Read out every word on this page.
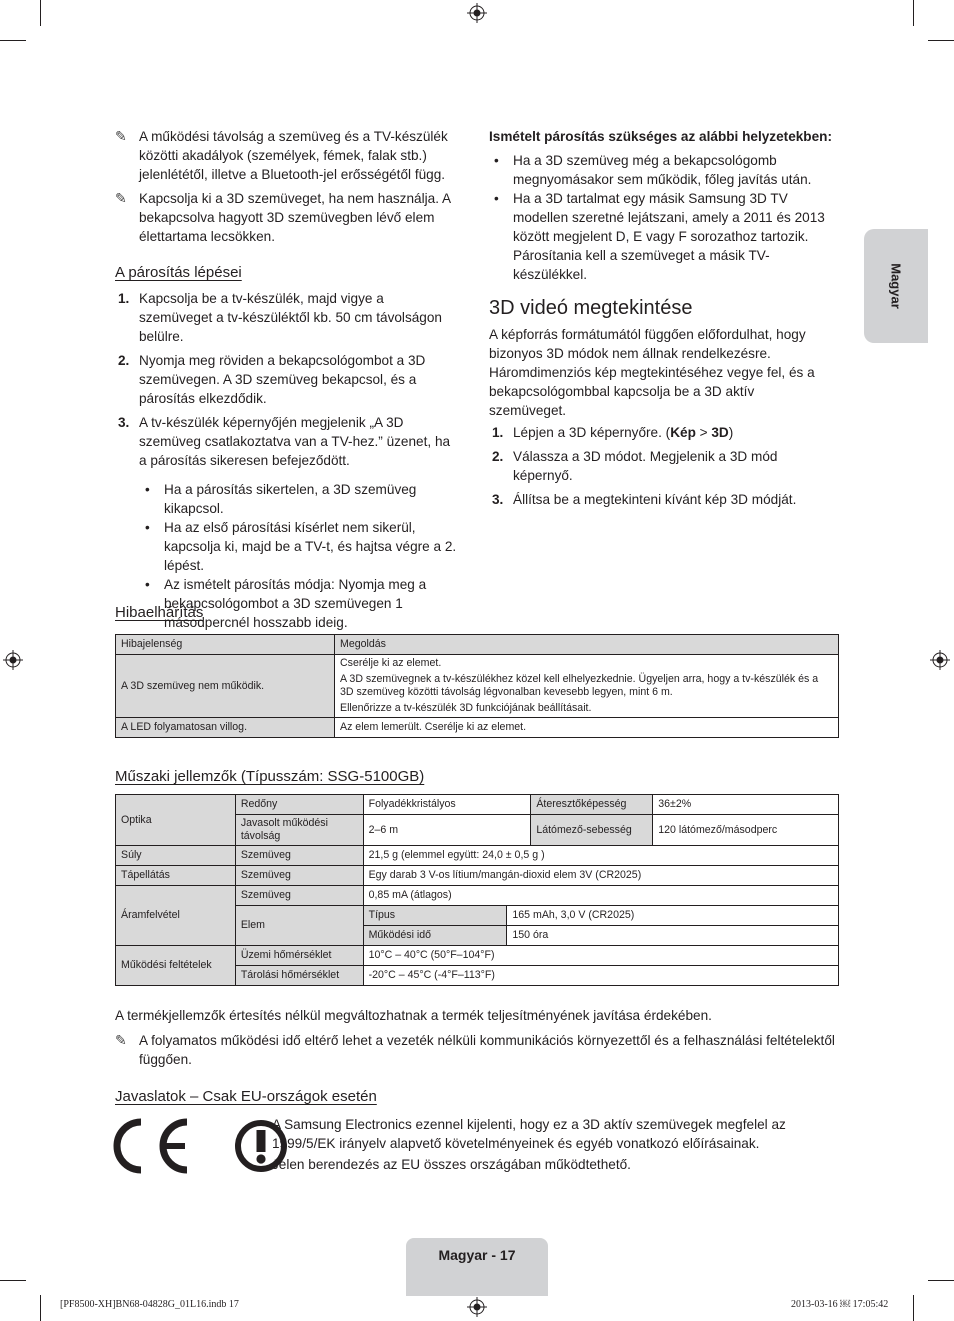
Magyar
✎ A működési távolság a szemüveg és a TV-készülék közötti akadályok (személyek, fémek, falak stb.) jelenlététől, illetve a Bluetooth-jel erősségétől függ.
✎ Kapcsolja ki a 3D szemüveget, ha nem használja. A bekapcsolva hagyott 3D szemüvegben lévő elem élettartama lecsökken.
A párosítás lépései
1. Kapcsolja be a tv-készülék, majd vigye a szemüveget a tv-készüléktől kb. 50 cm távolságon belülre.
2. Nyomja meg röviden a bekapcsológombot a 3D szemüvegen. A 3D szemüveg bekapcsol, és a párosítás elkezdődik.
3. A tv-készülék képernyőjén megjelenik „A 3D szemüveg csatlakoztatva van a TV-hez.” üzenet, ha a párosítás sikeresen befejeződött.
• Ha a párosítás sikertelen, a 3D szemüveg kikapcsol.
• Ha az első párosítási kísérlet nem sikerül, kapcsolja ki, majd be a TV-t, és hajtsa végre a 2. lépést.
• Az ismételt párosítás módja: Nyomja meg a bekapcsológombot a 3D szemüvegen 1 másodpercnél hosszabb ideig.
Ismételt párosítás szükséges az alábbi helyzetekben:
• Ha a 3D szemüveg még a bekapcsológomb megnyomásakor sem működik, főleg javítás után.
• Ha a 3D tartalmat egy másik Samsung 3D TV modellen szeretné lejátszani, amely a 2011 és 2013 között megjelent D, E vagy F sorozathoz tartozik. Párosítania kell a szemüveget a másik TV-készülékkel.
3D videó megtekintése
A képforrás formátumától függően előfordulhat, hogy bizonyos 3D módok nem állnak rendelkezésre.
Háromdimenziós kép megtekintéséhez vegye fel, és a bekapcsológombbal kapcsolja be a 3D aktív szemüveget.
1. Lépjen a 3D képernyőre. (Kép > 3D)
2. Válassza a 3D módot. Megjelenik a 3D mód képernyő.
3. Állítsa be a megtekinteni kívánt kép 3D módját.
Hibaelhárítás
Hibajelenség	Megoldás
A 3D szemüveg nem működik.	Cserélje ki az elemet.
A 3D szemüvegnek a tv-készülékhez közel kell elhelyezkednie. Ügyeljen arra, hogy a tv-készülék és a 3D szemüveg közötti távolság légvonalban kevesebb legyen, mint 6 m.
Ellenőrizze a tv-készülék 3D funkciójának beállításait.

A LED folyamatosan villog.	Az elem lemerült. Cserélje ki az elemet.
Műszaki jellemzők (Típusszám: SSG-5100GB)
Optika	Redőny	Folyadékkristályos		Áteresztőképesség	36±2%
	Javasolt működési távolság	2–6 m		Látómező-sebesség	120 látómező/másodperc
Súly	Szemüveg	21,5 g (elemmel együtt: 24,0 ± 0,5 g )			
Tápellátás	Szemüveg	Egy darab 3 V-os lítium/mangán-dioxid elem 3V (CR2025)			
Áramfelvétel	Szemüveg	0,85 mA (átlagos)			
	Elem	Típus	165 mAh, 3,0 V (CR2025)		
		Működési idő	150 óra		
Működési feltételek	Üzemi hőmérséklet	10°C – 40°C (50°F–104°F)			
	Tárolási hőmérséklet	-20°C – 45°C (-4°F–113°F)			
A termékjellemzők értesítés nélkül megváltozhatnak a termék teljesítményének javítása érdekében.
✎ A folyamatos működési idő eltérő lehet a vezeték nélküli kommunikációs környezettől és a felhasználási feltételektől függően.
Javaslatok – Csak EU-országok esetén
A Samsung Electronics ezennel kijelenti, hogy ez a 3D aktív szemüvegek megfelel az 1999/5/EK irányelv alapvető követelményeinek és egyéb vonatkozó előírásainak.
Jelen berendezés az EU összes országában működtethető.
Magyar - 17
[PF8500-XH]BN68-04828G_01L16.indb 17	2013-03-16 ￼ 17:05:42
